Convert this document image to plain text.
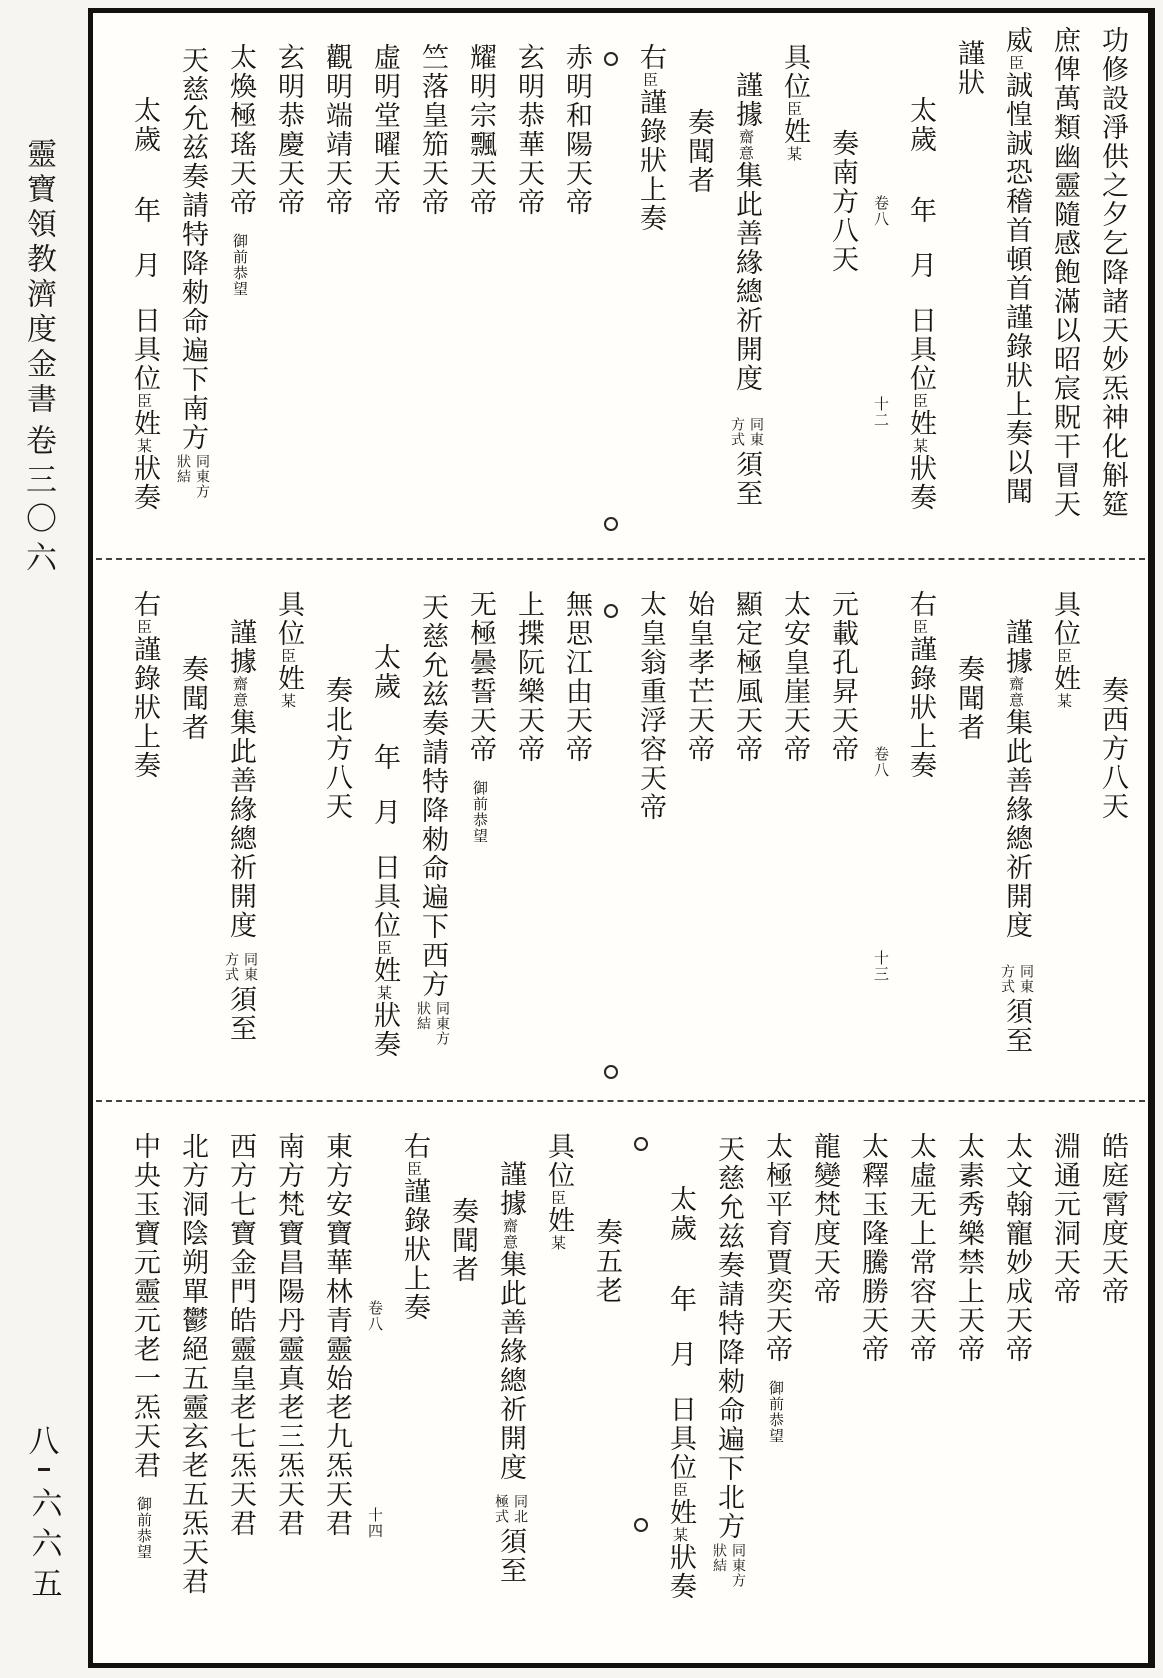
靈寶領教濟度金書
卷三〇六
八
六六五
功修設淨供之夕乞降諸天妙炁神化斛筵
庶俾萬類幽靈隨感飽滿以昭宸貺干冒天
威臣誠惶誠恐稽首頓首謹錄狀上奏以聞
謹狀
太歲年月日具位臣姓某狀奏
卷八
十二
奏南方八天
具位臣姓某
謹據齋意集此善緣總祈開度同東方式須至
奏聞者
右臣謹錄狀上奏
赤明和陽天帝
玄明恭華天帝
耀明宗飄天帝
竺落皇笳天帝
虛明堂曜天帝
觀明端靖天帝
玄明恭慶天帝
太煥極瑤天帝御前恭望
天慈允兹奏請特降勑命遍下南方同東方狀結
太歲年月日具位臣姓某狀奏
奏西方八天
具位臣姓某
謹據齋意集此善緣總祈開度同東方式須至
奏聞者
右臣謹錄狀上奏
卷八
十三
元載孔昇天帝
太安皇崖天帝
顯定極風天帝
始皇孝芒天帝
太皇翁重浮容天帝
無思江由天帝
上揲阮樂天帝
无極曇誓天帝御前恭望
天慈允兹奏請特降勑命遍下西方同東方狀結
太歲年月日具位臣姓某狀奏
奏北方八天
具位臣姓某
謹據齋意集此善緣總祈開度同東方式須至
奏聞者
右臣謹錄狀上奏
皓庭霄度天帝
淵通元洞天帝
太文翰寵妙成天帝
太素秀樂禁上天帝
太虛无上常容天帝
太釋玉隆騰勝天帝
龍變梵度天帝
太極平育賈奕天帝御前恭望
天慈允兹奏請特降勑命遍下北方同東方狀結
太歲年月日具位臣姓某狀奏
奏五老
具位臣姓某
謹據齋意集此善緣總祈開度同北極式須至
奏聞者
右臣謹錄狀上奏
卷八
十四
東方安寶華林青靈始老九炁天君
南方梵寶昌陽丹靈真老三炁天君
西方七寶金門皓靈皇老七炁天君
北方洞陰朔單鬱絕五靈玄老五炁天君
中央玉寶元靈元老一炁天君御前恭望
